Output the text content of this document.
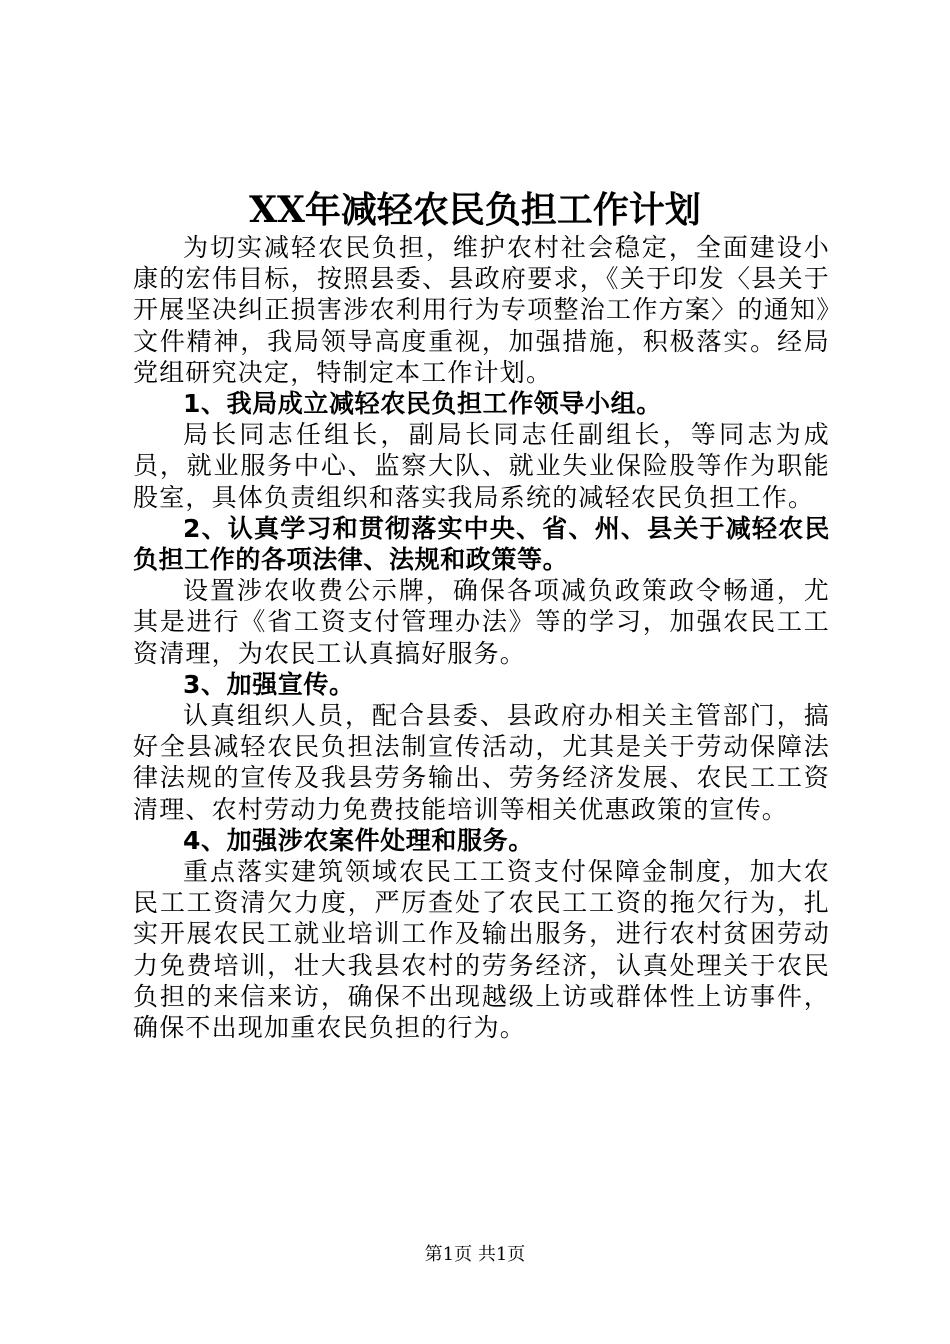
XX年减轻农民负担工作计划

为切实减轻农民负担，维护农村社会稳定，全面建设小康的宏伟目标，按照县委、县政府要求，《关于印发〈县关于开展坚决纠正损害涉农利用行为专项整治工作方案〉的通知》文件精神，我局领导高度重视，加强措施，积极落实。经局党组研究决定，特制定本工作计划。

1、我局成立减轻农民负担工作领导小组。

局长同志任组长，副局长同志任副组长，等同志为成员，就业服务中心、监察大队、就业失业保险股等作为职能股室，具体负责组织和落实我局系统的减轻农民负担工作。

2、认真学习和贯彻落实中央、省、州、县关于减轻农民负担工作的各项法律、法规和政策等。

设置涉农收费公示牌，确保各项减负政策政令畅通，尤其是进行《省工资支付管理办法》等的学习，加强农民工工资清理，为农民工认真搞好服务。

3、加强宣传。

认真组织人员，配合县委、县政府办相关主管部门，搞好全县减轻农民负担法制宣传活动，尤其是关于劳动保障法律法规的宣传及我县劳务输出、劳务经济发展、农民工工资清理、农村劳动力免费技能培训等相关优惠政策的宣传。

4、加强涉农案件处理和服务。

重点落实建筑领域农民工工资支付保障金制度，加大农民工工资清欠力度，严厉查处了农民工工资的拖欠行为，扎实开展农民工就业培训工作及输出服务，进行农村贫困劳动力免费培训，壮大我县农村的劳务经济，认真处理关于农民负担的来信来访，确保不出现越级上访或群体性上访事件，确保不出现加重农民负担的行为。

第1页 共1页
